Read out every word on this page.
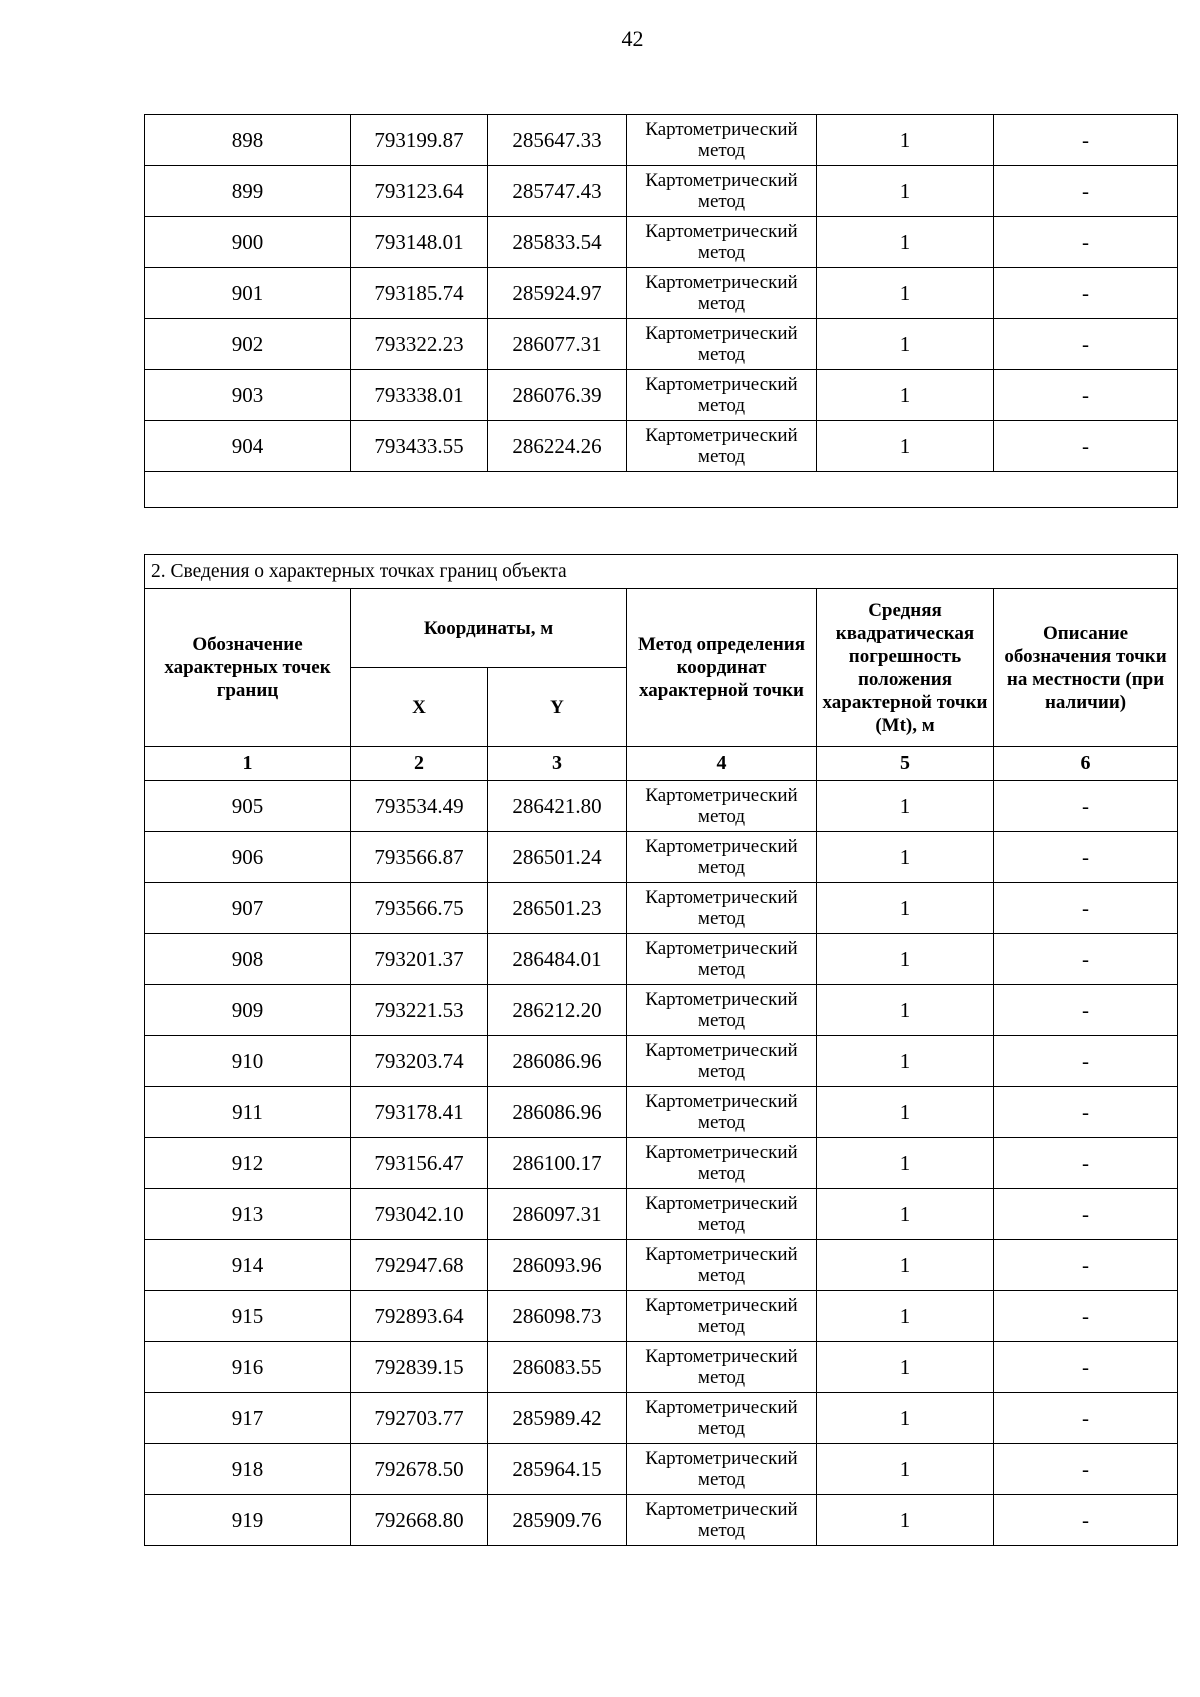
42
898	793199.87	285647.33	Картометрический метод	1	-
899	793123.64	285747.43	Картометрический метод	1	-
900	793148.01	285833.54	Картометрический метод	1	-
901	793185.74	285924.97	Картометрический метод	1	-
902	793322.23	286077.31	Картометрический метод	1	-
903	793338.01	286076.39	Картометрический метод	1	-
904	793433.55	286224.26	Картометрический метод	1	-

2. Сведения о характерных точках границ объекта					
Обозначение характерных точек границ	Координаты, м		Метод определения координат характерной точки	Средняя квадратическая погрешность положения характерной точки (Mt), м	Описание обозначения точки на местности (при наличии)
	X	Y			
1	2	3	4	5	6
905	793534.49	286421.80	Картометрический метод	1	-
906	793566.87	286501.24	Картометрический метод	1	-
907	793566.75	286501.23	Картометрический метод	1	-
908	793201.37	286484.01	Картометрический метод	1	-
909	793221.53	286212.20	Картометрический метод	1	-
910	793203.74	286086.96	Картометрический метод	1	-
911	793178.41	286086.96	Картометрический метод	1	-
912	793156.47	286100.17	Картометрический метод	1	-
913	793042.10	286097.31	Картометрический метод	1	-
914	792947.68	286093.96	Картометрический метод	1	-
915	792893.64	286098.73	Картометрический метод	1	-
916	792839.15	286083.55	Картометрический метод	1	-
917	792703.77	285989.42	Картометрический метод	1	-
918	792678.50	285964.15	Картометрический метод	1	-
919	792668.80	285909.76	Картометрический метод	1	-
